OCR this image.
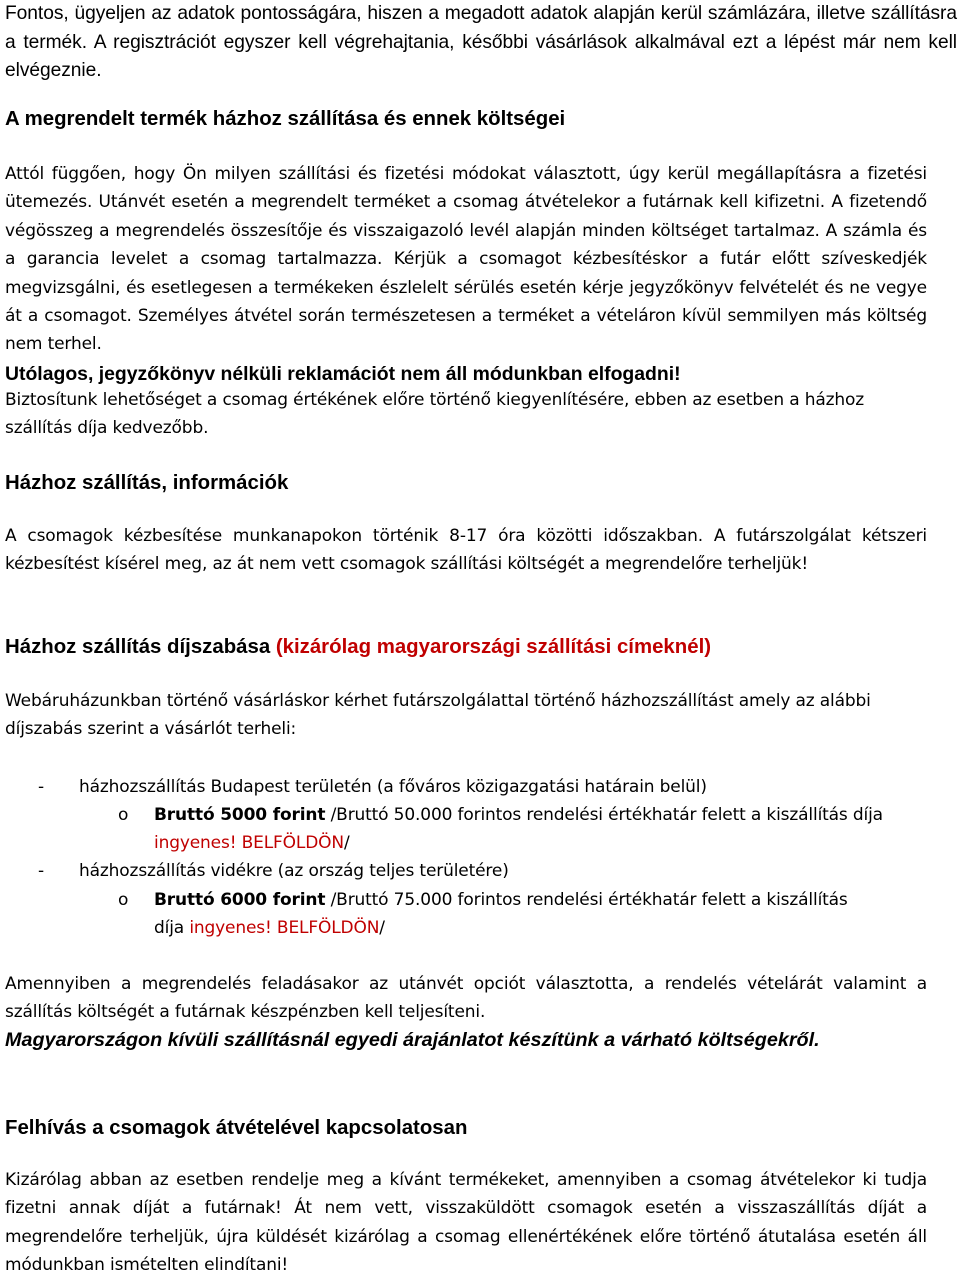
Fontos, ügyeljen az adatok pontosságára, hiszen a megadott adatok alapján kerül számlázára, illetve szállításra a termék. A regisztrációt egyszer kell végrehajtania, későbbi vásárlások alkalmával ezt a lépést már nem kell elvégeznie.
A megrendelt termék házhoz szállítása és ennek költségei
Attól függően, hogy Ön milyen szállítási és fizetési módokat választott, úgy kerül megállapításra a fizetési ütemezés. Utánvét esetén a megrendelt terméket a csomag átvételekor a futárnak kell kifizetni. A fizetendő végösszeg a megrendelés összesítője és visszaigazoló levél alapján minden költséget tartalmaz. A számla és a garancia levelet a csomag tartalmazza. Kérjük a csomagot kézbesítéskor a futár előtt szíveskedjék megvizsgálni, és esetlegesen a termékeken észlelelt sérülés esetén kérje jegyzőkönyv felvételét és ne vegye át a csomagot. Személyes átvétel során természetesen a terméket a vételáron kívül semmilyen más költség nem terhel.
Utólagos, jegyzőkönyv nélküli reklamációt nem áll módunkban elfogadni!
Biztosítunk lehetőséget a csomag értékének előre történő kiegyenlítésére, ebben az esetben a házhoz szállítás díja kedvezőbb.
Házhoz szállítás, információk
A csomagok kézbesítése munkanapokon történik 8-17 óra közötti időszakban. A futárszolgálat kétszeri kézbesítést kísérel meg, az át nem vett csomagok szállítási költségét a megrendelőre terheljük!
Házhoz szállítás díjszabása (kizárólag magyarországi szállítási címeknél)
Webáruházunkban történő vásárláskor kérhet futárszolgálattal történő házhozszállítást amely az alábbi díjszabás szerint a vásárlót terheli:
- házhozszállítás Budapest területén (a főváros közigazgatási határain belül)
o Bruttó 5000 forint /Bruttó 50.000 forintos rendelési értékhatár felett a kiszállítás díja
ingyenes! BELFÖLDÖN/
- házhozszállítás vidékre (az ország teljes területére)
o Bruttó 6000 forint /Bruttó 75.000 forintos rendelési értékhatár felett a kiszállítás
díja ingyenes! BELFÖLDÖN/
Amennyiben a megrendelés feladásakor az utánvét opciót választotta, a rendelés vételárát valamint a szállítás költségét a futárnak készpénzben kell teljesíteni.
Magyarországon kívüli szállításnál egyedi árajánlatot készítünk a várható költségekről.
Felhívás a csomagok átvételével kapcsolatosan
Kizárólag abban az esetben rendelje meg a kívánt termékeket, amennyiben a csomag átvételekor ki tudja fizetni annak díját a futárnak! Át nem vett, visszaküldött csomagok esetén a visszaszállítás díját a megrendelőre terheljük, újra küldését kizárólag a csomag ellenértékének előre történő átutalása esetén áll módunkban ismételten elindítani!
